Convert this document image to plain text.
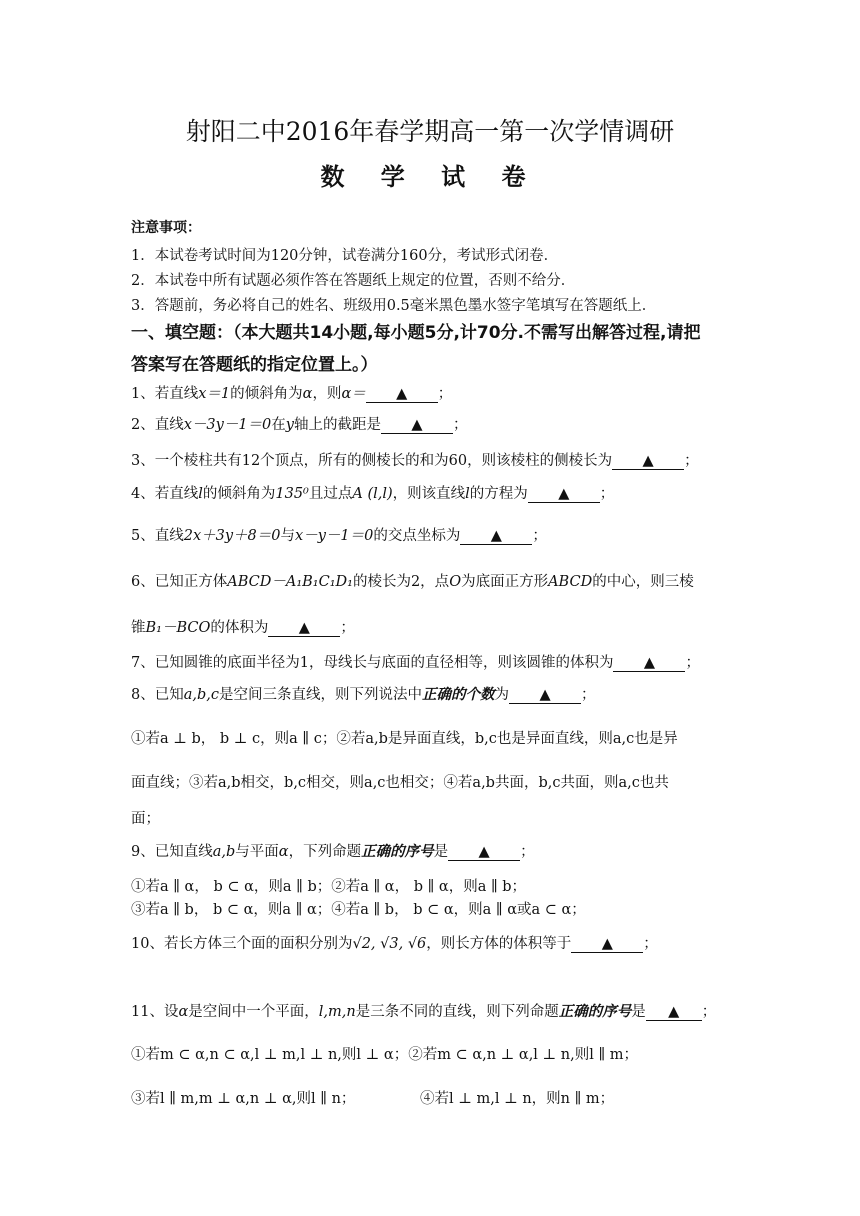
射阳二中2016年春学期高一第一次学情调研
数 学 试 卷
注意事项：
1．本试卷考试时间为120分钟，试卷满分160分，考试形式闭卷．
2．本试卷中所有试题必须作答在答题纸上规定的位置，否则不给分．
3．答题前，务必将自己的姓名、班级用0.5毫米黑色墨水签字笔填写在答题纸上．
一、填空题：（本大题共14小题,每小题5分,计70分.不需写出解答过程,请把
答案写在答题纸的指定位置上。）
1、若直线x＝1的倾斜角为α，则α＝ ▲ ；
2、直线x－3y－1＝0在y轴上的截距是 ▲ ；
3、一个棱柱共有12个顶点，所有的侧棱长的和为60，则该棱柱的侧棱长为 ▲ ；
4、若直线l的倾斜角为135⁰且过点A (l,l)，则该直线l的方程为 ▲ ；
5、直线2x＋3y＋8＝0与x－y－1＝0的交点坐标为 ▲ ；
6、已知正方体ABCD－A₁B₁C₁D₁的棱长为2，点O为底面正方形ABCD的中心，则三棱
锥B₁－BCO的体积为 ▲ ；
7、已知圆锥的底面半径为1，母线长与底面的直径相等，则该圆锥的体积为 ▲ ；
8、已知a,b,c是空间三条直线，则下列说法中正确的个数为 ▲ ；
①若a ⊥ b， b ⊥ c，则a ∥ c；②若a,b是异面直线，b,c也是异面直线，则a,c也是异
面直线；③若a,b相交，b,c相交，则a,c也相交；④若a,b共面，b,c共面，则a,c也共
面；
9、已知直线a,b与平面α，下列命题正确的序号是 ▲ ；
①若a ∥ α， b ⊂ α，则a ∥ b；②若a ∥ α， b ∥ α，则a ∥ b；
③若a ∥ b， b ⊂ α，则a ∥ α；④若a ∥ b， b ⊂ α，则a ∥ α或a ⊂ α；
10、若长方体三个面的面积分别为√2, √3, √6，则长方体的体积等于 ▲ ；
11、设α是空间中一个平面，l,m,n是三条不同的直线，则下列命题正确的序号是 ▲ ；
①若m ⊂ α,n ⊂ α,l ⊥ m,l ⊥ n,则l ⊥ α；②若m ⊂ α,n ⊥ α,l ⊥ n,则l ∥ m；
③若l ∥ m,m ⊥ α,n ⊥ α,则l ∥ n；	④若l ⊥ m,l ⊥ n，则n ∥ m；
